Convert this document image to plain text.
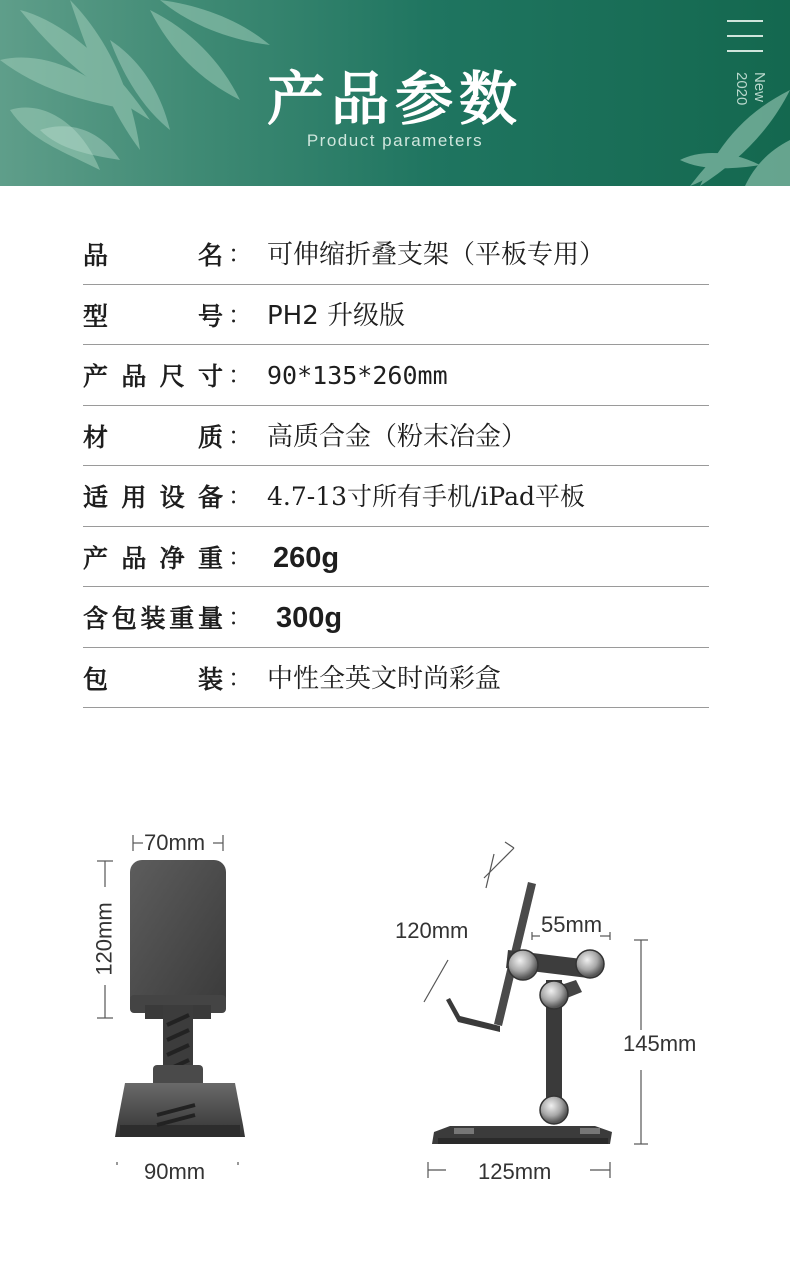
产品参数
Product parameters
New 2020
品	名 ： 可伸缩折叠支架（平板专用）
型	号 ： PH2 升级版
产 品 尺 寸 ： 90*135*260mm
材	质 ： 高质合金（粉末冶金）
适 用 设 备 ： 4.7-13寸所有手机/iPad平板
产 品 净 重 ： 260g
含 包 装 重 量 ： 300g
包	装 ： 中性全英文时尚彩盒
70mm
120mm
90mm
120mm	55mm
145mm
125mm
